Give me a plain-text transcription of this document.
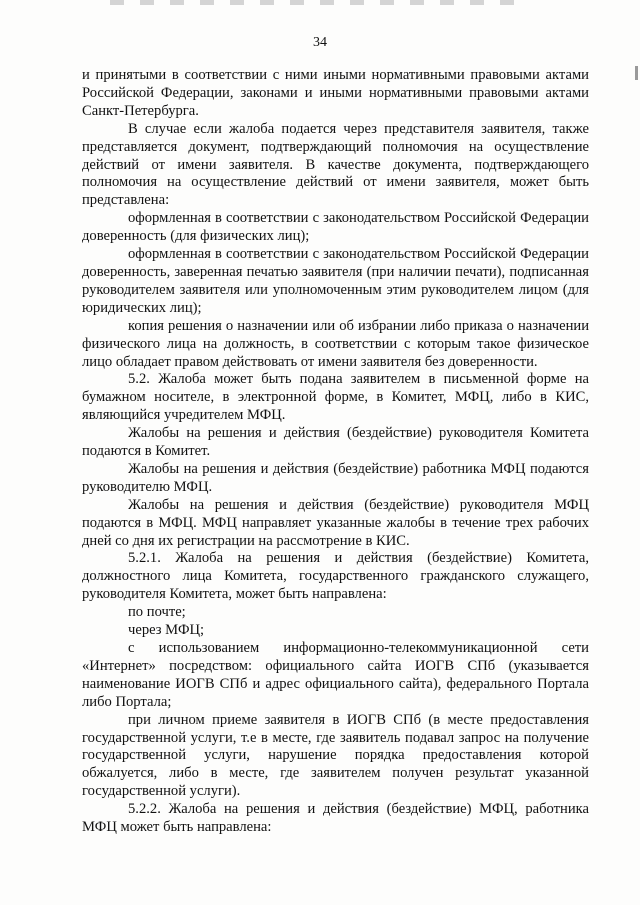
34

и принятыми в соответствии с ними иными нормативными правовыми актами Российской Федерации, законами и иными нормативными правовыми актами Санкт-Петербурга.

В случае если жалоба подается через представителя заявителя, также представляется документ, подтверждающий полномочия на осуществление действий от имени заявителя. В качестве документа, подтверждающего полномочия на осуществление действий от имени заявителя, может быть представлена:

оформленная в соответствии с законодательством Российской Федерации доверенность (для физических лиц);

оформленная в соответствии с законодательством Российской Федерации доверенность, заверенная печатью заявителя (при наличии печати), подписанная руководителем заявителя или уполномоченным этим руководителем лицом (для юридических лиц);

копия решения о назначении или об избрании либо приказа о назначении физического лица на должность, в соответствии с которым такое физическое лицо обладает правом действовать от имени заявителя без доверенности.

5.2. Жалоба может быть подана заявителем в письменной форме на бумажном носителе, в электронной форме, в Комитет, МФЦ, либо в КИС, являющийся учредителем МФЦ.

Жалобы на решения и действия (бездействие) руководителя Комитета подаются в Комитет.

Жалобы на решения и действия (бездействие) работника МФЦ подаются руководителю МФЦ.

Жалобы на решения и действия (бездействие) руководителя МФЦ подаются в МФЦ. МФЦ направляет указанные жалобы в течение трех рабочих дней со дня их регистрации на рассмотрение в КИС.

5.2.1. Жалоба на решения и действия (бездействие) Комитета, должностного лица Комитета, государственного гражданского служащего, руководителя Комитета, может быть направлена:

по почте;

через МФЦ;

с использованием информационно-телекоммуникационной сети «Интернет» посредством: официального сайта ИОГВ СПб (указывается наименование ИОГВ СПб и адрес официального сайта), федерального Портала либо Портала;

при личном приеме заявителя в ИОГВ СПб (в месте предоставления государственной услуги, т.е в месте, где заявитель подавал запрос на получение государственной услуги, нарушение порядка предоставления которой обжалуется, либо в месте, где заявителем получен результат указанной государственной услуги).

5.2.2. Жалоба на решения и действия (бездействие) МФЦ, работника МФЦ может быть направлена:
